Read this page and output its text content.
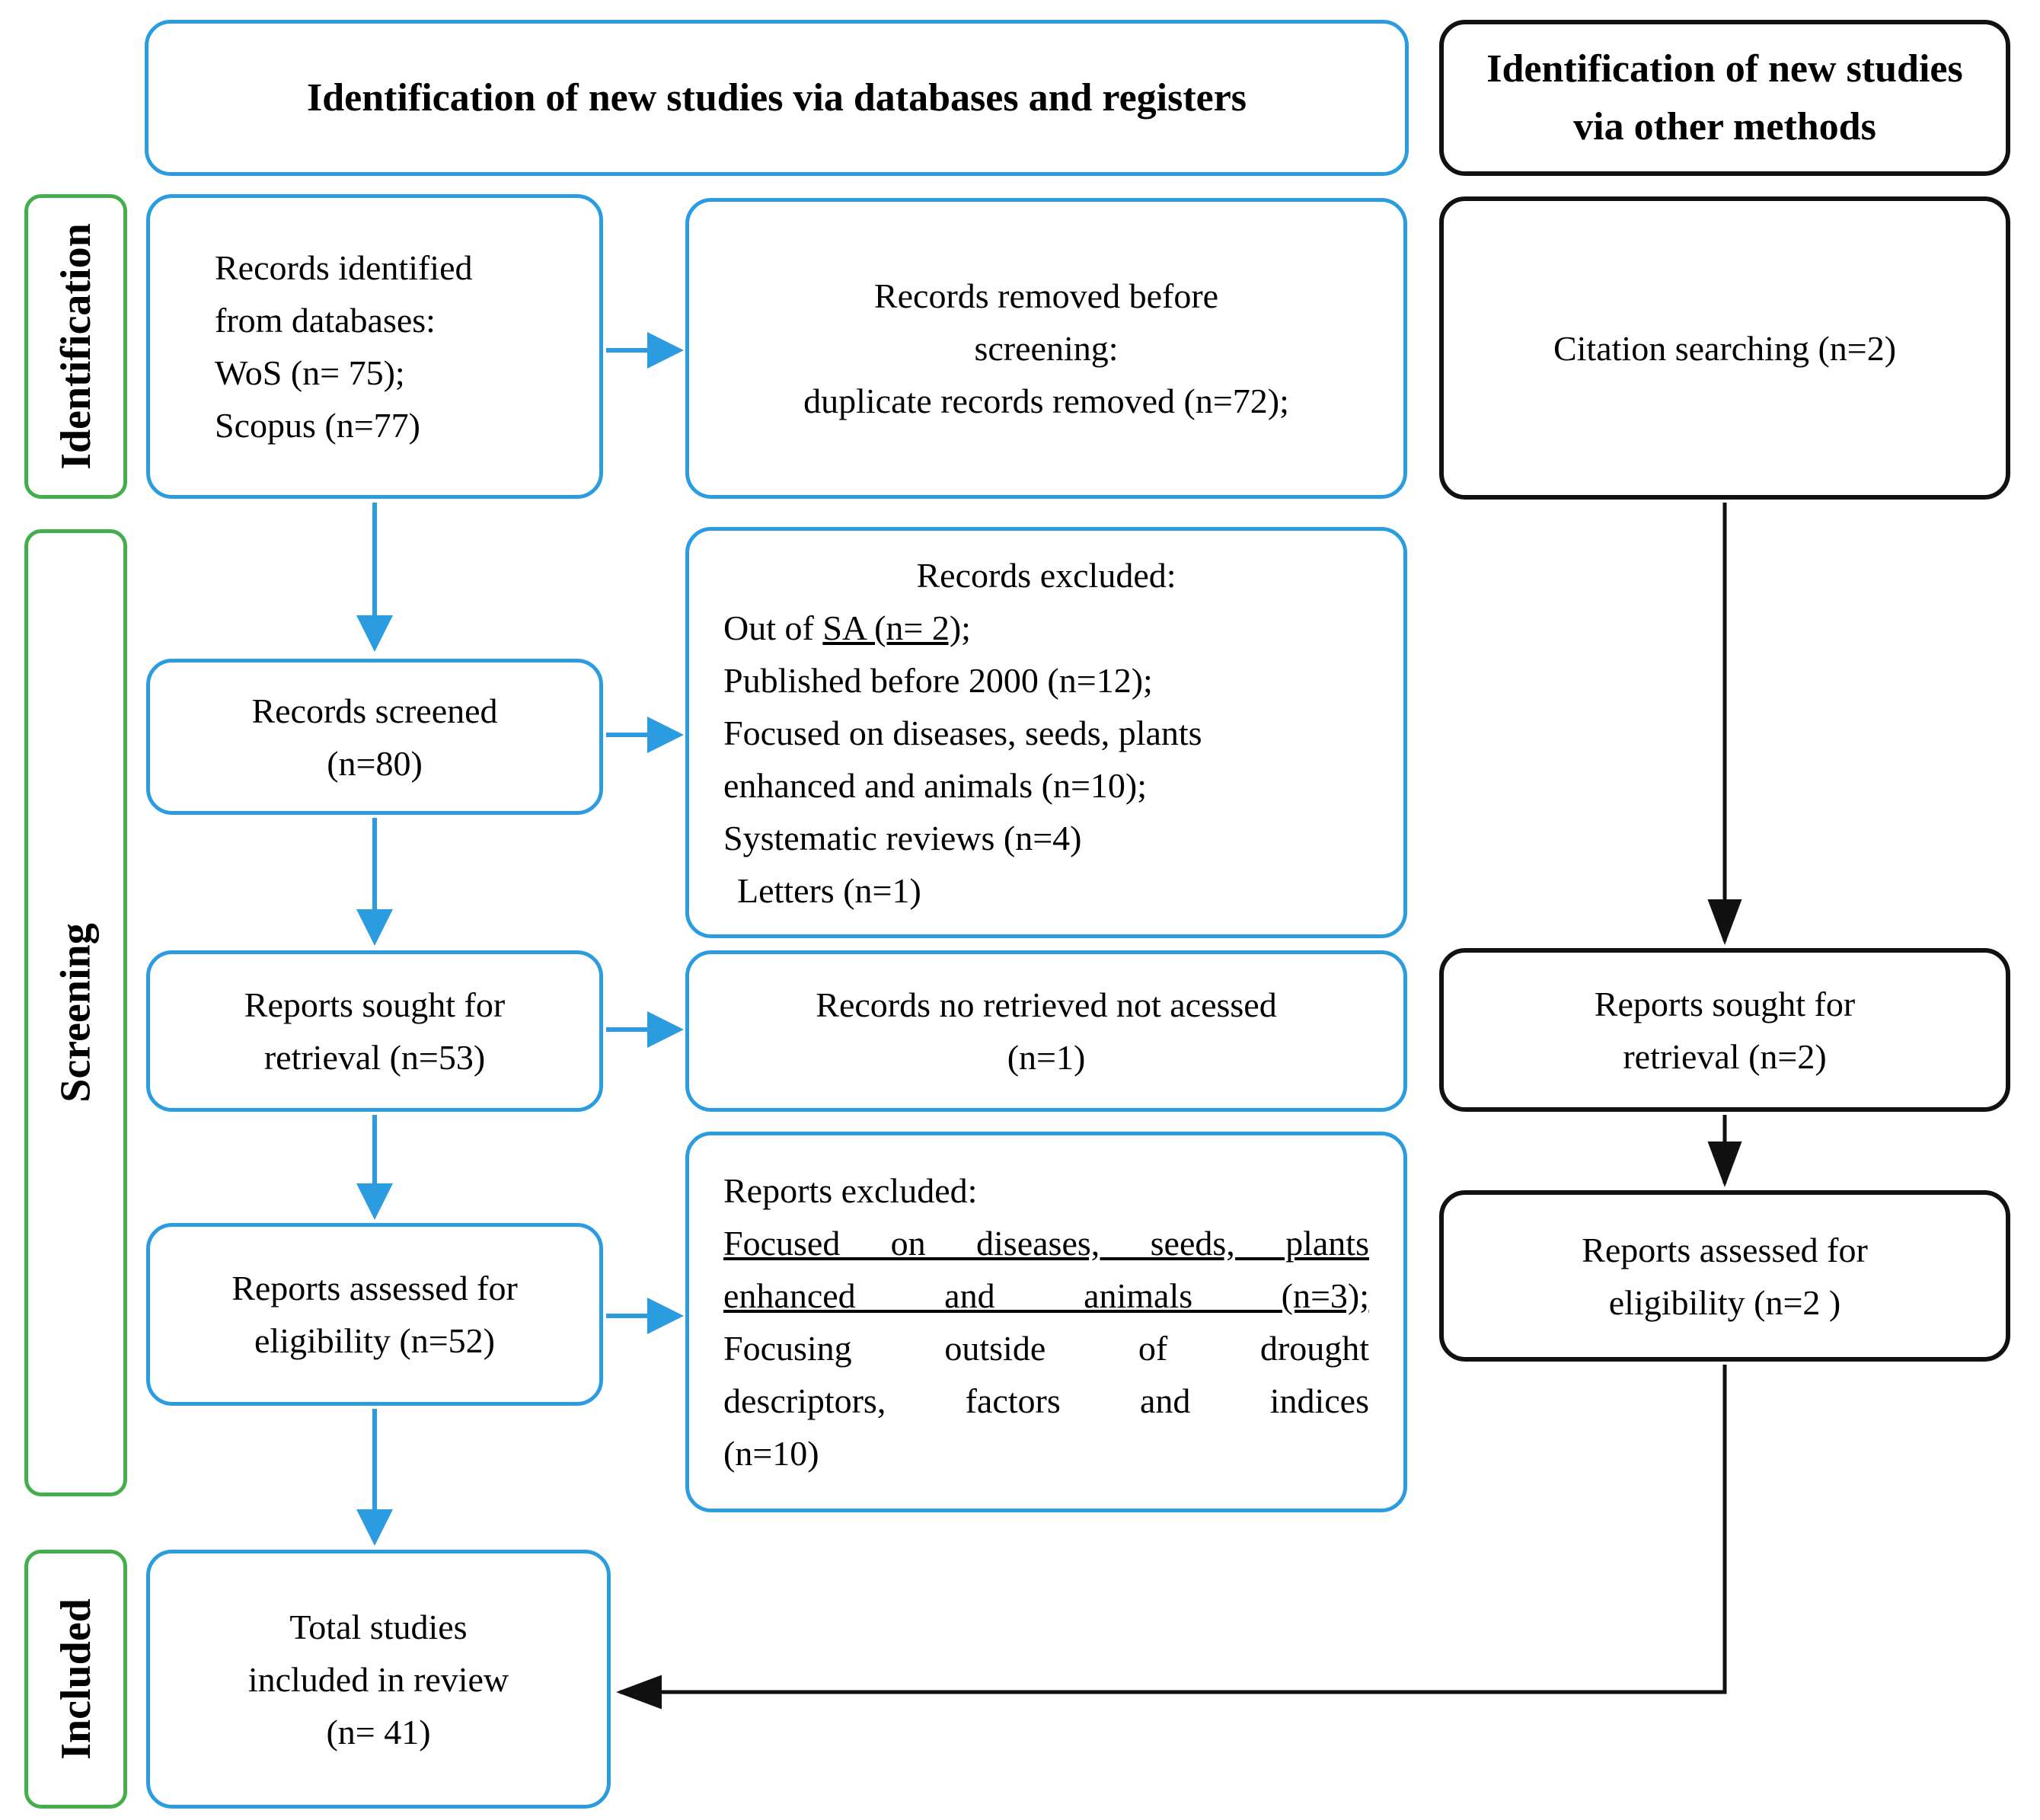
Identification of new studies via databases and registers
Identification of new studies via other methods
Identification
Screening
Included
Records identified
from databases:
WoS (n= 75);
Scopus (n=77)
Records screened
(n=80)
Reports sought for
retrieval (n=53)
Reports assessed for
eligibility (n=52)
Total studies
included in review
(n= 41)
Records removed before
screening:
duplicate records removed (n=72);
Records excluded:
Out of SA (n= 2);
Published before 2000 (n=12);
Focused on diseases, seeds, plants
enhanced and animals (n=10);
Systematic reviews (n=4)
Letters (n=1)
Records no retrieved not acessed
(n=1)
Reports excluded:
Focused on diseases, seeds, plants
enhanced and animals (n=3);
Focusing outside of drought
descriptors, factors and indices
(n=10)
Citation searching (n=2)
Reports sought for
retrieval (n=2)
Reports assessed for
eligibility (n=2 )
